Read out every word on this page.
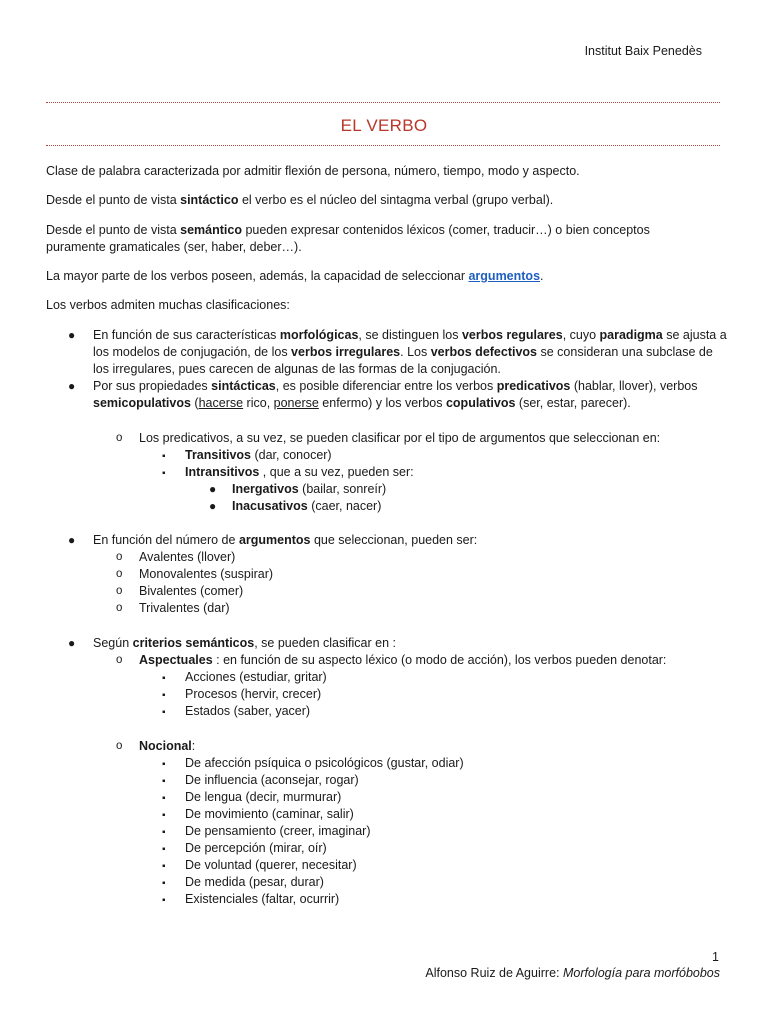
Institut Baix Penedès
EL VERBO
Clase de palabra caracterizada por admitir flexión de persona, número, tiempo, modo y aspecto.
Desde el punto de vista sintáctico el verbo es el núcleo del sintagma verbal (grupo verbal).
Desde el punto de vista semántico pueden expresar contenidos léxicos (comer, traducir…) o bien conceptos puramente gramaticales (ser, haber, deber…).
La mayor parte de los verbos poseen, además, la capacidad de seleccionar argumentos.
Los verbos admiten muchas clasificaciones:
● En función de sus características morfológicas, se distinguen los verbos regulares, cuyo paradigma se ajusta a los modelos de conjugación, de los verbos irregulares. Los verbos defectivos se consideran una subclase de los irregulares, pues carecen de algunas de las formas de la conjugación.
● Por sus propiedades sintácticas, es posible diferenciar entre los verbos predicativos (hablar, llover), verbos semicopulativos (hacerse rico, ponerse enfermo) y los verbos copulativos (ser, estar, parecer).
o Los predicativos, a su vez, se pueden clasificar por el tipo de argumentos que seleccionan en:
▪ Transitivos (dar, conocer)
▪ Intransitivos , que a su vez, pueden ser:
● Inergativos (bailar, sonreír)
● Inacusativos (caer, nacer)
● En función del número de argumentos que seleccionan, pueden ser:
o Avalentes (llover)
o Monovalentes (suspirar)
o Bivalentes (comer)
o Trivalentes (dar)
● Según criterios semánticos, se pueden clasificar en :
o Aspectuales : en función de su aspecto léxico (o modo de acción), los verbos pueden denotar:
▪ Acciones (estudiar, gritar)
▪ Procesos (hervir, crecer)
▪ Estados (saber, yacer)
o Nocional:
▪ De afección psíquica o psicológicos (gustar, odiar)
▪ De influencia (aconsejar, rogar)
▪ De lengua (decir, murmurar)
▪ De movimiento (caminar, salir)
▪ De pensamiento (creer, imaginar)
▪ De percepción (mirar, oír)
▪ De voluntad (querer, necesitar)
▪ De medida (pesar, durar)
▪ Existenciales (faltar, ocurrir)
1
Alfonso Ruiz de Aguirre: Morfología para morfóbobos
